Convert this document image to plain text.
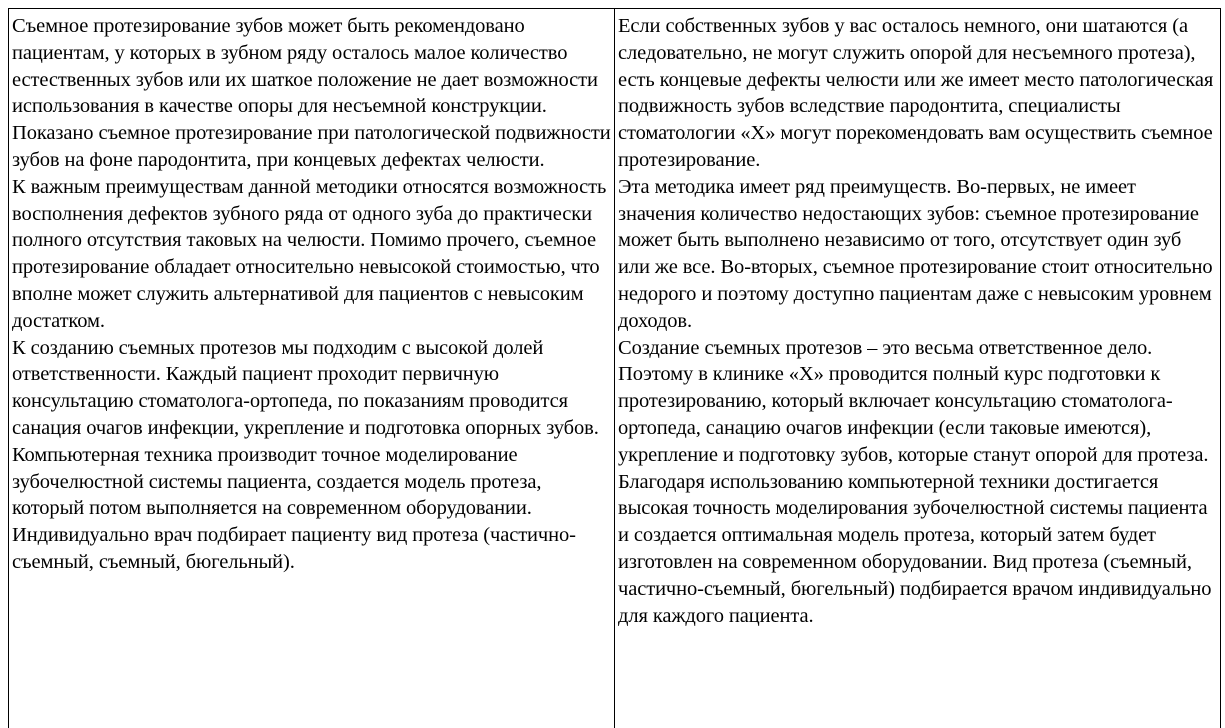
Съемное протезирование зубов может быть рекомендовано пациентам, у которых в зубном ряду осталось малое количество естественных зубов или их шаткое положение не дает возможности использования в качестве опоры для несъемной конструкции. Показано съемное протезирование при патологической подвижности зубов на фоне пародонтита, при концевых дефектах челюсти.

К важным преимуществам данной методики относятся возможность восполнения дефектов зубного ряда от одного зуба до практически полного отсутствия таковых на челюсти. Помимо прочего, съемное протезирование обладает относительно невысокой стоимостью, что вполне может служить альтернативой для пациентов с невысоким достатком.

К созданию съемных протезов мы подходим с высокой долей ответственности. Каждый пациент проходит первичную консультацию стоматолога-ортопеда, по показаниям проводится санация очагов инфекции, укрепление и подготовка опорных зубов. Компьютерная техника производит точное моделирование зубочелюстной системы пациента, создается модель протеза, который потом выполняется на современном оборудовании. Индивидуально врач подбирает пациенту вид протеза (частично-съемный, съемный, бюгельный).

Если собственных зубов у вас осталось немного, они шатаются (а следовательно, не могут служить опорой для несъемного протеза), есть концевые дефекты челюсти или же имеет место патологическая подвижность зубов вследствие пародонтита, специалисты стоматологии «Х» могут порекомендовать вам осуществить съемное протезирование.

Эта методика имеет ряд преимуществ. Во-первых, не имеет значения количество недостающих зубов: съемное протезирование может быть выполнено независимо от того, отсутствует один зуб или же все. Во-вторых, съемное протезирование стоит относительно недорого и поэтому доступно пациентам даже с невысоким уровнем доходов.

Создание съемных протезов – это весьма ответственное дело. Поэтому в клинике «Х» проводится полный курс подготовки к протезированию, который включает консультацию стоматолога-ортопеда, санацию очагов инфекции (если таковые имеются), укрепление и подготовку зубов, которые станут опорой для протеза.

Благодаря использованию компьютерной техники достигается высокая точность моделирования зубочелюстной системы пациента и создается оптимальная модель протеза, который затем будет изготовлен на современном оборудовании. Вид протеза (съемный, частично-съемный, бюгельный) подбирается врачом индивидуально для каждого пациента.
